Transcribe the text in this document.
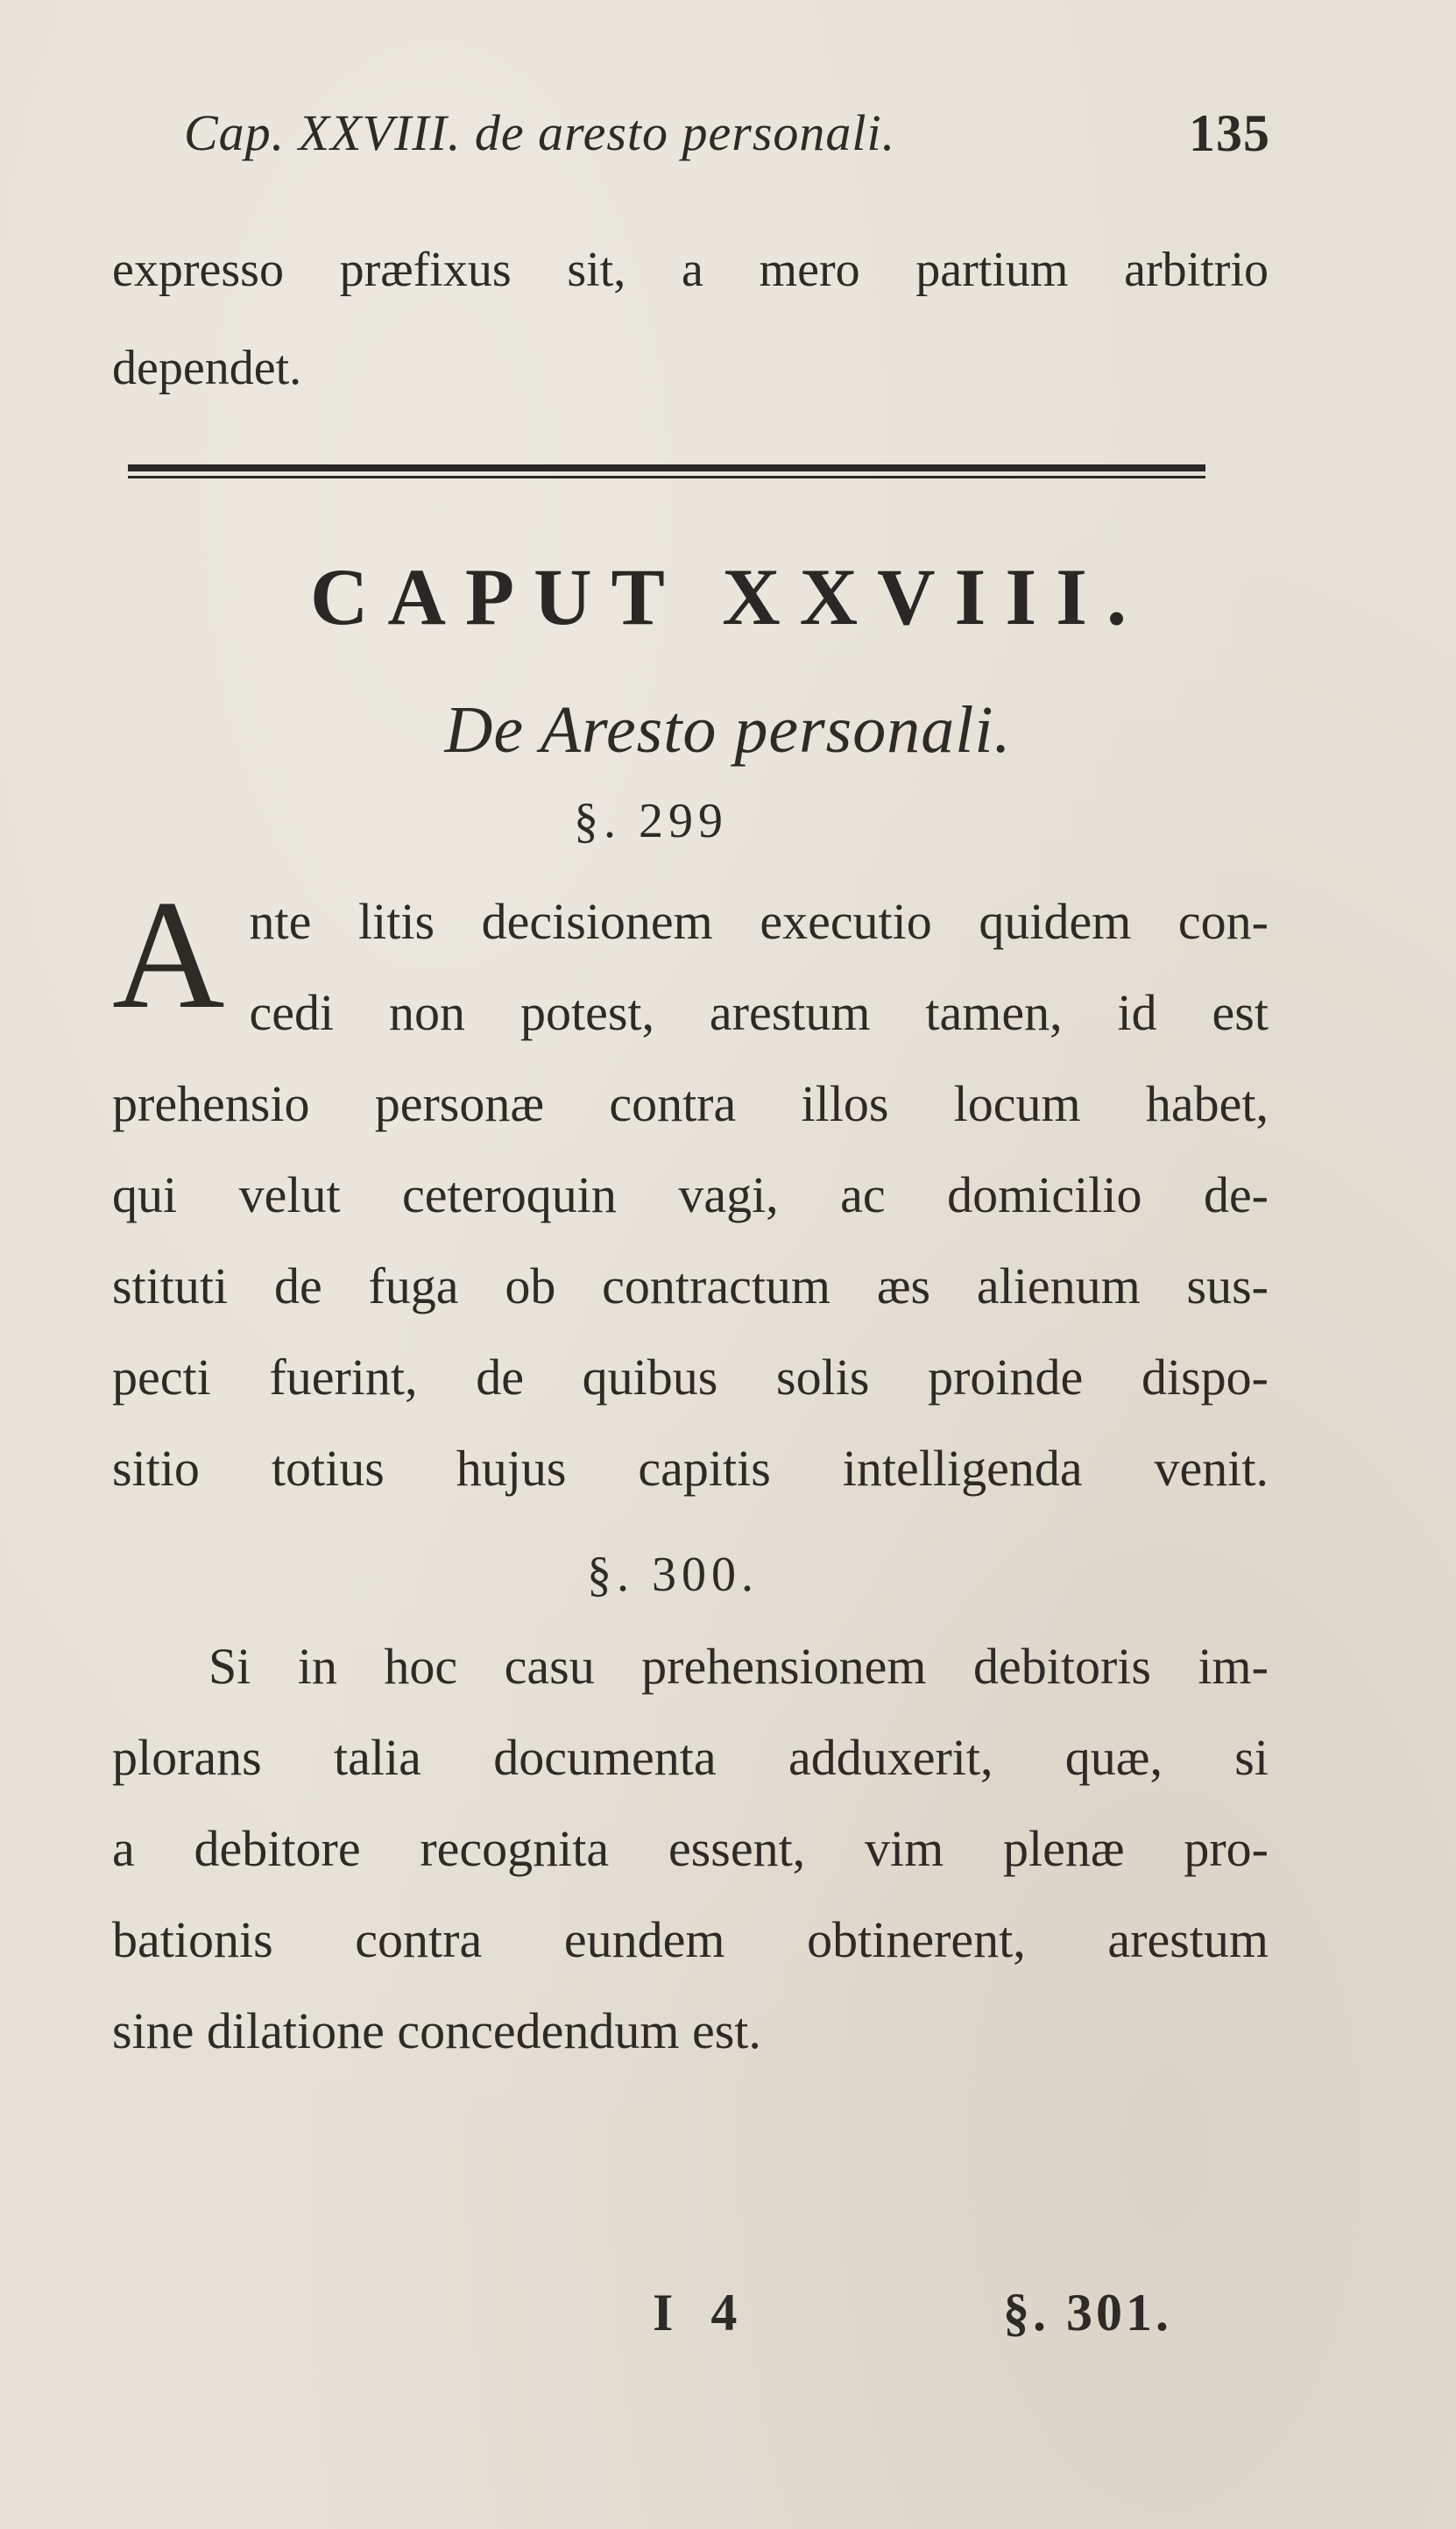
Cap. XXVIII. de aresto personali.	135
expresso præfixus sit, a mero partium arbitrio
dependet.
CAPUT XXVIII.
De Aresto personali.
§. 299
A nte litis decisionem executio quidem con-
cedi non potest, arestum tamen, id est
prehensio personæ contra illos locum habet,
qui velut ceteroquin vagi, ac domicilio de-
stituti de fuga ob contractum æs alienum sus-
pecti fuerint, de quibus solis proinde dispo-
sitio totius hujus capitis intelligenda venit.
§. 300.
Si in hoc casu prehensionem debitoris im-
plorans talia documenta adduxerit, quæ, si
a debitore recognita essent, vim plenæ pro-
bationis contra eundem obtinerent, arestum
sine dilatione concedendum est.
I 4	§. 301.
